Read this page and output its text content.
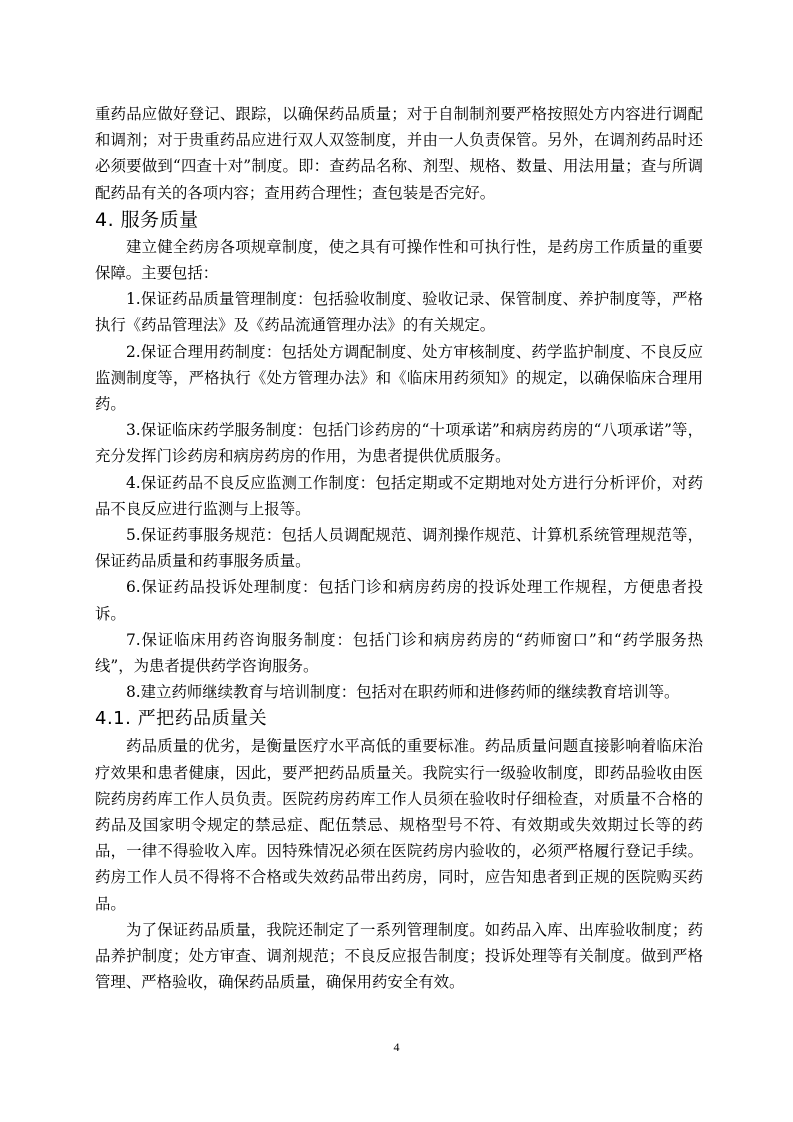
重药品应做好登记、跟踪，以确保药品质量；对于自制制剂要严格按照处方内容进行调配和调剂；对于贵重药品应进行双人双签制度，并由一人负责保管。另外，在调剂药品时还必须要做到“四查十对”制度。即：查药品名称、剂型、规格、数量、用法用量；查与所调配药品有关的各项内容；查用药合理性；查包装是否完好。

4. 服务质量

建立健全药房各项规章制度，使之具有可操作性和可执行性，是药房工作质量的重要保障。主要包括：

1.保证药品质量管理制度：包括验收制度、验收记录、保管制度、养护制度等，严格执行《药品管理法》及《药品流通管理办法》的有关规定。

2.保证合理用药制度：包括处方调配制度、处方审核制度、药学监护制度、不良反应监测制度等，严格执行《处方管理办法》和《临床用药须知》的规定，以确保临床合理用药。

3.保证临床药学服务制度：包括门诊药房的“十项承诺”和病房药房的“八项承诺”等，充分发挥门诊药房和病房药房的作用，为患者提供优质服务。

4.保证药品不良反应监测工作制度：包括定期或不定期地对处方进行分析评价，对药品不良反应进行监测与上报等。

5.保证药事服务规范：包括人员调配规范、调剂操作规范、计算机系统管理规范等，保证药品质量和药事服务质量。

6.保证药品投诉处理制度：包括门诊和病房药房的投诉处理工作规程，方便患者投诉。

7.保证临床用药咨询服务制度：包括门诊和病房药房的“药师窗口”和“药学服务热线”，为患者提供药学咨询服务。

8.建立药师继续教育与培训制度：包括对在职药师和进修药师的继续教育培训等。

4.1. 严把药品质量关

药品质量的优劣，是衡量医疗水平高低的重要标准。药品质量问题直接影响着临床治疗效果和患者健康，因此，要严把药品质量关。我院实行一级验收制度，即药品验收由医院药房药库工作人员负责。医院药房药库工作人员须在验收时仔细检查，对质量不合格的药品及国家明令规定的禁忌症、配伍禁忌、规格型号不符、有效期或失效期过长等的药品，一律不得验收入库。因特殊情况必须在医院药房内验收的，必须严格履行登记手续。药房工作人员不得将不合格或失效药品带出药房，同时，应告知患者到正规的医院购买药品。

为了保证药品质量，我院还制定了一系列管理制度。如药品入库、出库验收制度；药品养护制度；处方审查、调剂规范；不良反应报告制度；投诉处理等有关制度。做到严格管理、严格验收，确保药品质量，确保用药安全有效。

4
